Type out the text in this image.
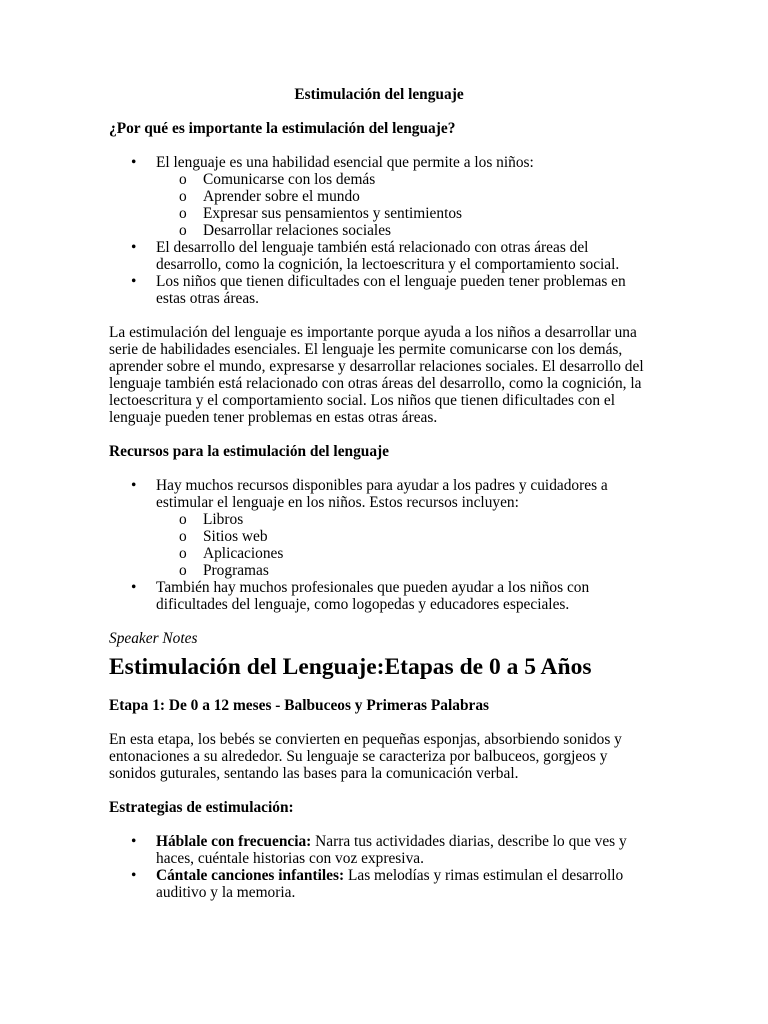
Estimulación del lenguaje

¿Por qué es importante la estimulación del lenguaje?

• El lenguaje es una habilidad esencial que permite a los niños:
o Comunicarse con los demás
o Aprender sobre el mundo
o Expresar sus pensamientos y sentimientos
o Desarrollar relaciones sociales
• El desarrollo del lenguaje también está relacionado con otras áreas del desarrollo, como la cognición, la lectoescritura y el comportamiento social.
• Los niños que tienen dificultades con el lenguaje pueden tener problemas en estas otras áreas.

La estimulación del lenguaje es importante porque ayuda a los niños a desarrollar una serie de habilidades esenciales. El lenguaje les permite comunicarse con los demás, aprender sobre el mundo, expresarse y desarrollar relaciones sociales. El desarrollo del lenguaje también está relacionado con otras áreas del desarrollo, como la cognición, la lectoescritura y el comportamiento social. Los niños que tienen dificultades con el lenguaje pueden tener problemas en estas otras áreas.

Recursos para la estimulación del lenguaje

• Hay muchos recursos disponibles para ayudar a los padres y cuidadores a estimular el lenguaje en los niños. Estos recursos incluyen:
o Libros
o Sitios web
o Aplicaciones
o Programas
• También hay muchos profesionales que pueden ayudar a los niños con dificultades del lenguaje, como logopedas y educadores especiales.

Speaker Notes

Estimulación del Lenguaje:Etapas de 0 a 5 Años

Etapa 1: De 0 a 12 meses - Balbuceos y Primeras Palabras

En esta etapa, los bebés se convierten en pequeñas esponjas, absorbiendo sonidos y entonaciones a su alrededor. Su lenguaje se caracteriza por balbuceos, gorgjeos y sonidos guturales, sentando las bases para la comunicación verbal.

Estrategias de estimulación:

• Háblale con frecuencia: Narra tus actividades diarias, describe lo que ves y haces, cuéntale historias con voz expresiva.
• Cántale canciones infantiles: Las melodías y rimas estimulan el desarrollo auditivo y la memoria.
